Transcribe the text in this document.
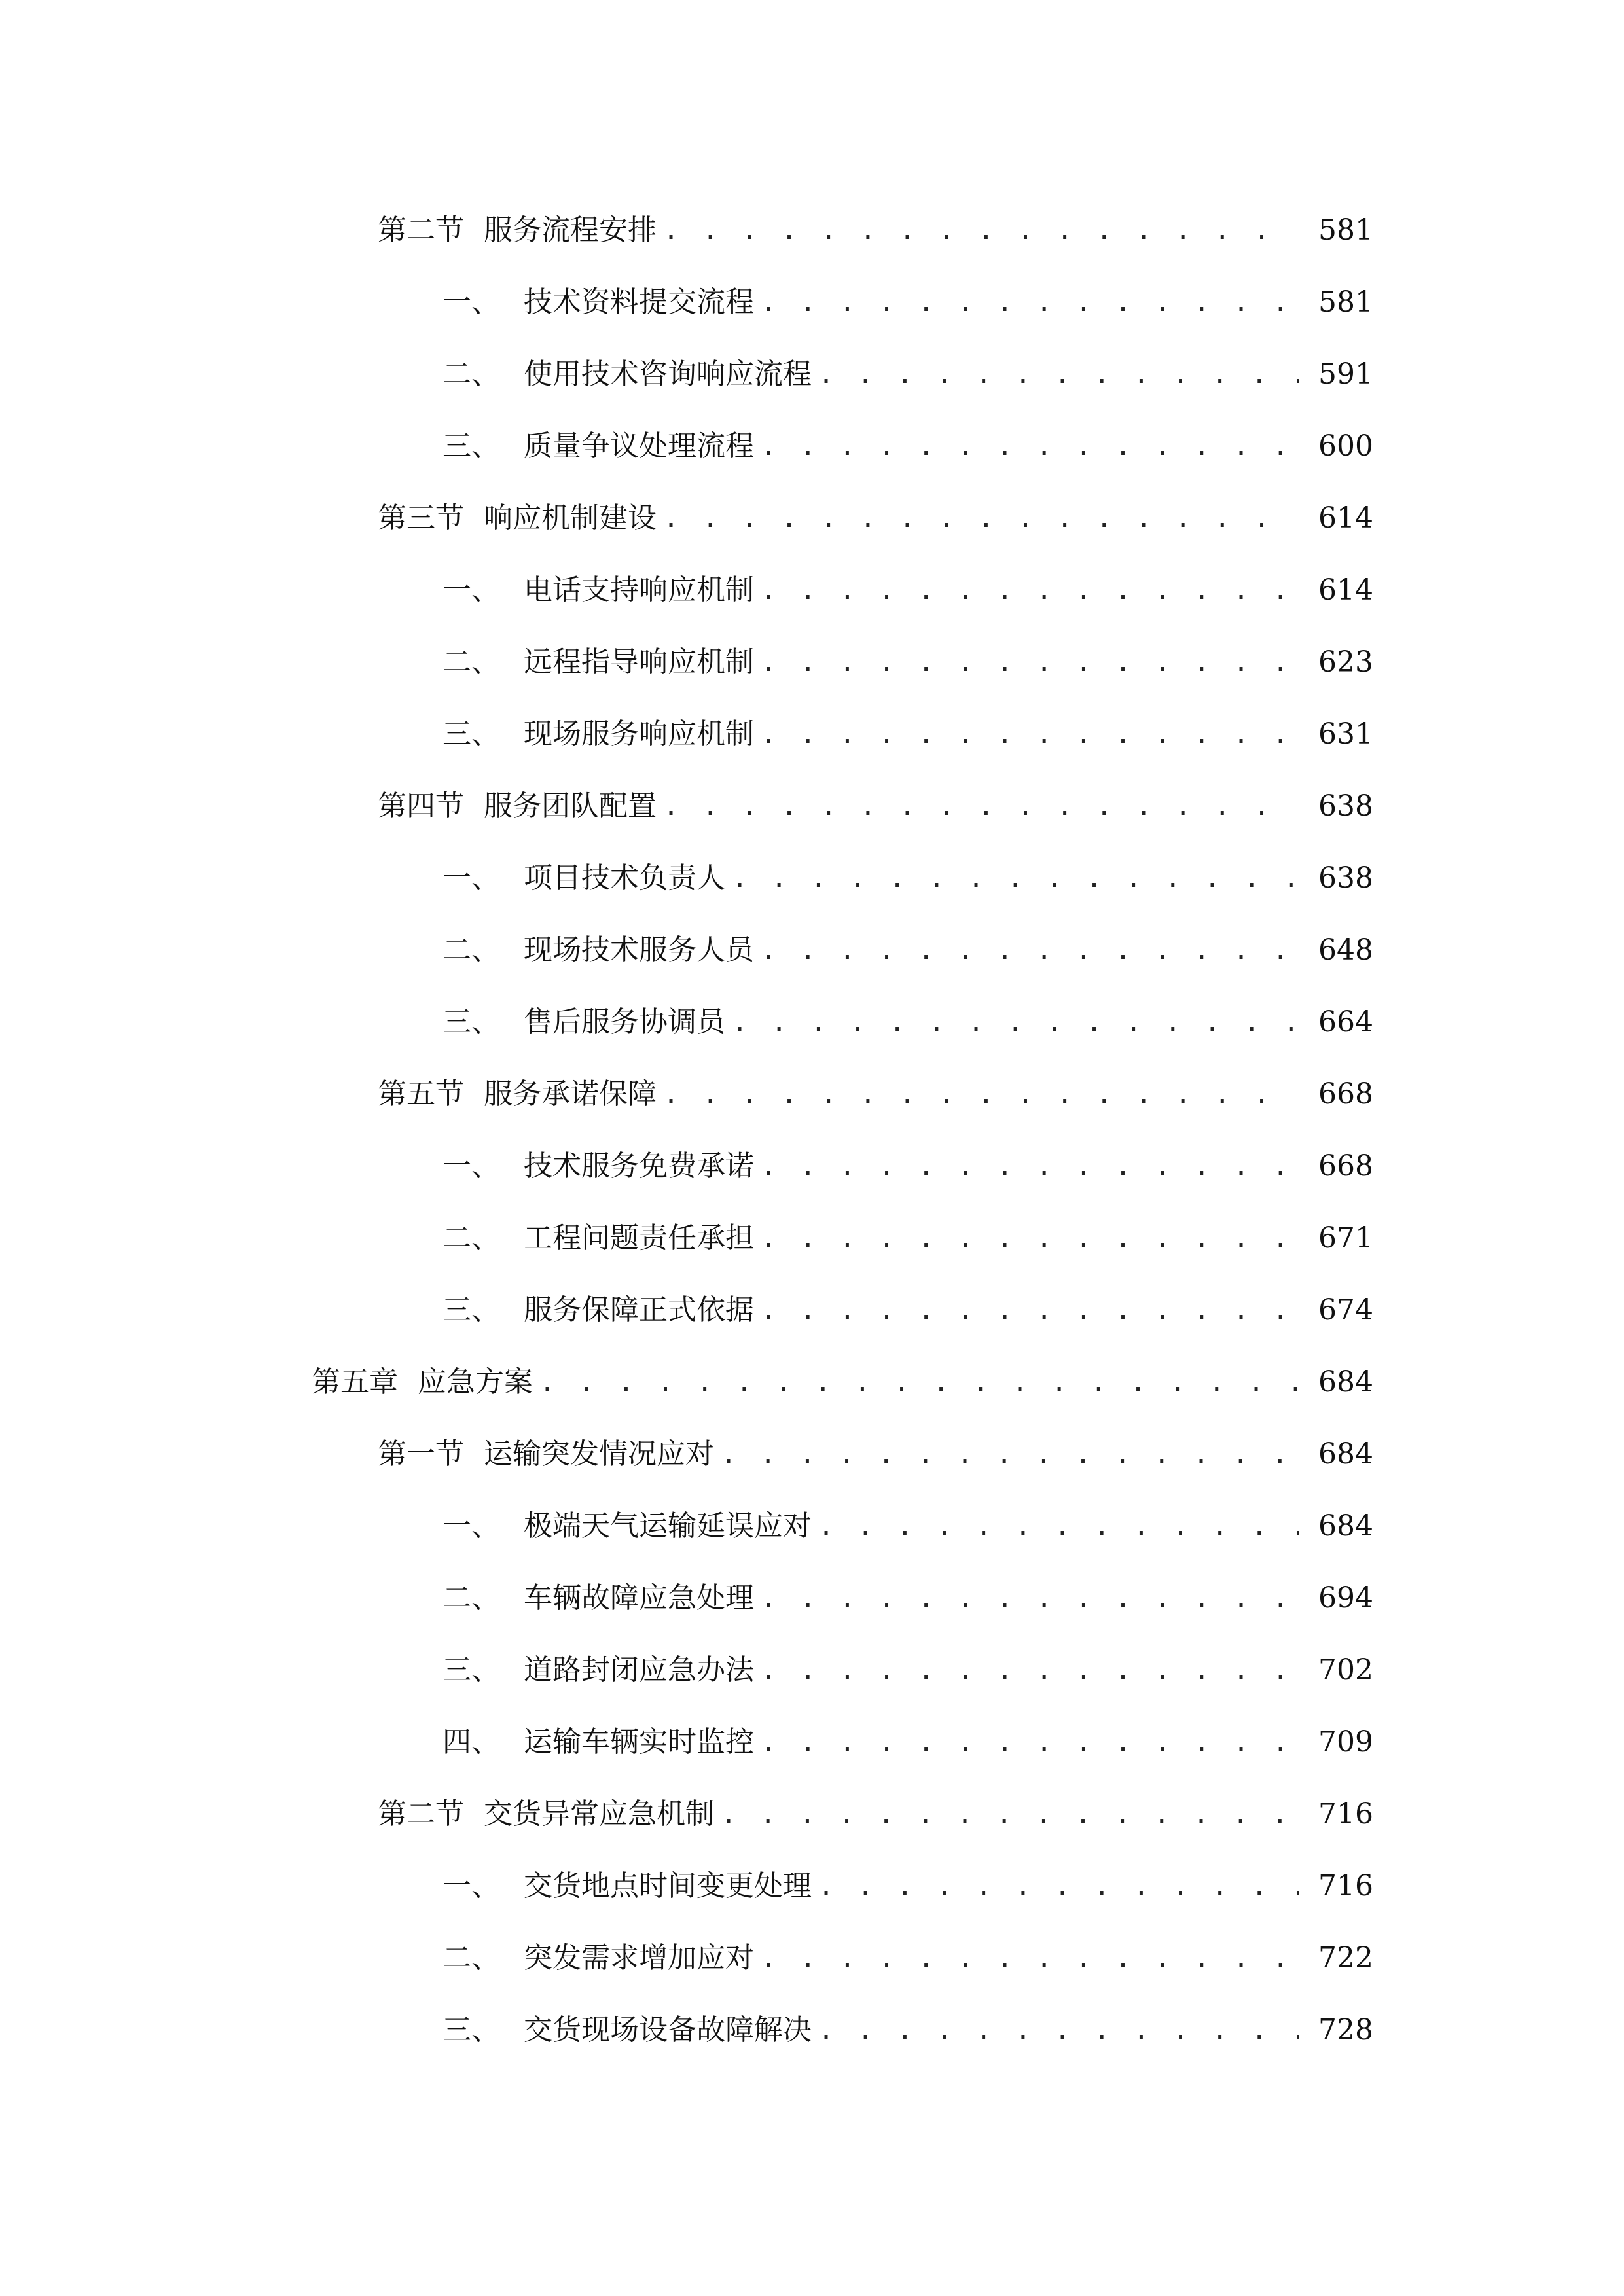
第二节 服务流程安排 . . .	581
一、 技术资料提交流程 . . .	581
二、 使用技术咨询响应流程 . . .	591
三、 质量争议处理流程 . . .	600
第三节 响应机制建设 . . .	614
一、 电话支持响应机制 . . .	614
二、 远程指导响应机制 . . .	623
三、 现场服务响应机制 . . .	631
第四节 服务团队配置 . . .	638
一、 项目技术负责人 . . .	638
二、 现场技术服务人员 . . .	648
三、 售后服务协调员 . . .	664
第五节 服务承诺保障 . . .	668
一、 技术服务免费承诺 . . .	668
二、 工程问题责任承担 . . .	671
三、 服务保障正式依据 . . .	674
第五章 应急方案 . . .	684
第一节 运输突发情况应对 . . .	684
一、 极端天气运输延误应对 . . .	684
二、 车辆故障应急处理 . . .	694
三、 道路封闭应急办法 . . .	702
四、 运输车辆实时监控 . . .	709
第二节 交货异常应急机制 . . .	716
一、 交货地点时间变更处理 . . .	716
二、 突发需求增加应对 . . .	722
三、 交货现场设备故障解决 . . .	728
